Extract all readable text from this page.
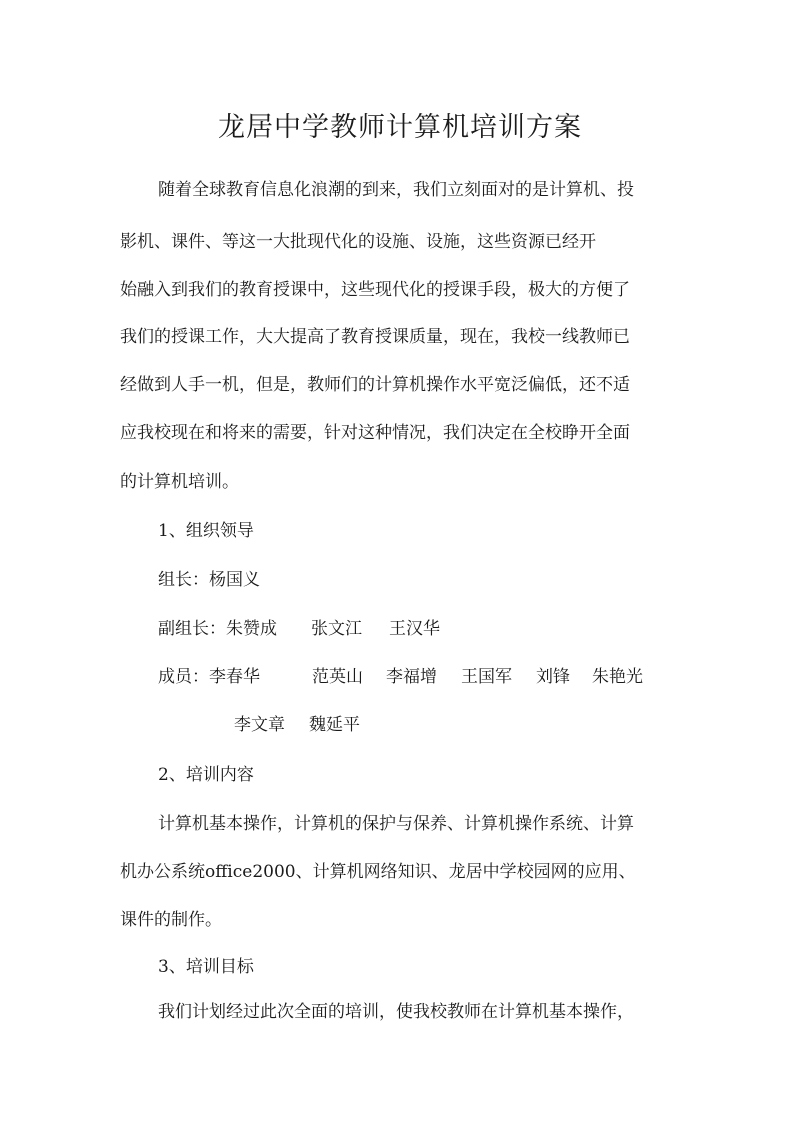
龙居中学教师计算机培训方案
随着全球教育信息化浪潮的到来，我们立刻面对的是计算机、投
影机、课件、等这一大批现代化的设施、设施，这些资源已经开
始融入到我们的教育授课中，这些现代化的授课手段，极大的方便了
我们的授课工作，大大提高了教育授课质量，现在，我校一线教师已
经做到人手一机，但是，教师们的计算机操作水平宽泛偏低，还不适
应我校现在和将来的需要，针对这种情况，我们决定在全校睁开全面
的计算机培训。
1、组织领导
组长：杨国义
副组长：朱赞成 张文江 王汉华
成员：李春华	范英山 李福增 王国军 刘锋 朱艳光
李文章 魏延平
2、培训内容
计算机基本操作，计算机的保护与保养、计算机操作系统、计算
机办公系统office2000、计算机网络知识、龙居中学校园网的应用、
课件的制作。
3、培训目标
我们计划经过此次全面的培训，使我校教师在计算机基本操作，
